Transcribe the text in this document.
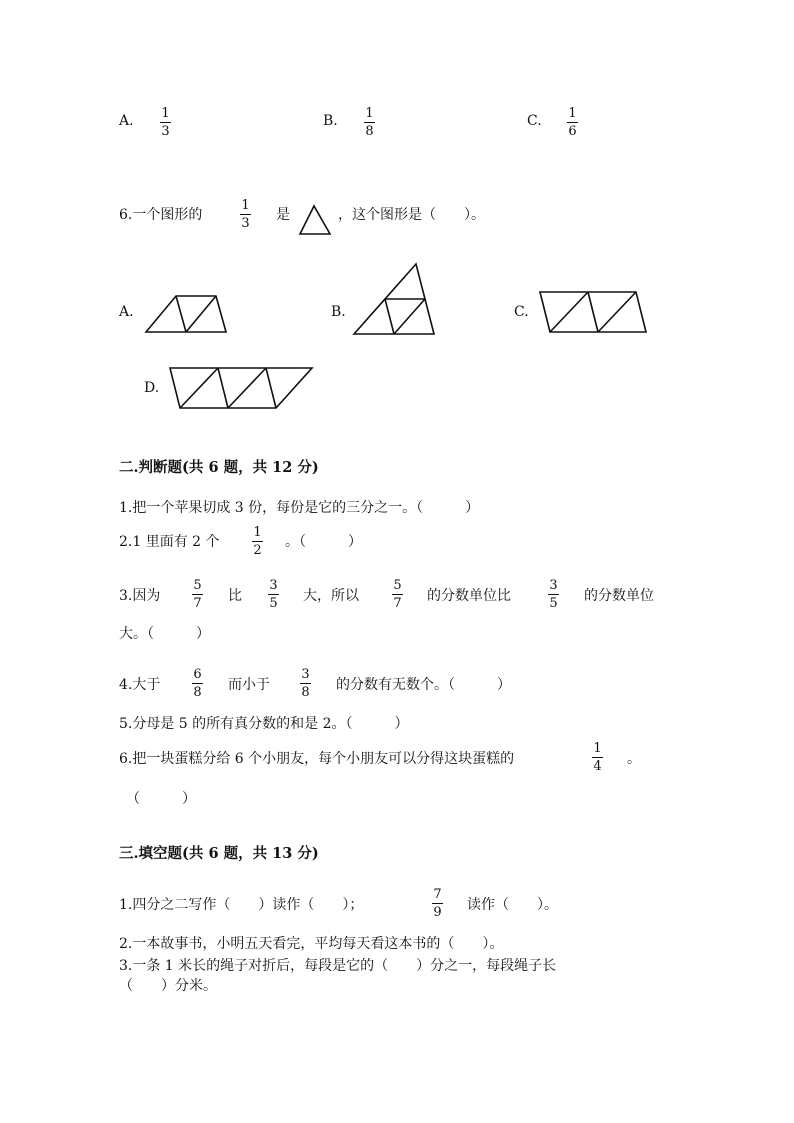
A. 1
3
B. 1
8
C. 1
6
6.一个图形的
1
3
是	，这个图形是（　　）。
A.	B.	C.
D.
二.判断题(共 6 题，共 12 分)
1.把一个苹果切成 3 份，每份是它的三分之一。（　　　）
2.1 里面有 2 个
1
2
。（　　　）
3.因为
5
7 比
3
5 大，所以
5
7 的分数单位比
3
5 的分数单位
大。（　　　）
4.大于
6
8 而小于
3
8 的分数有无数个。（　　　）
5.分母是 5 的所有真分数的和是 2。（　　　）
6.把一块蛋糕分给 6 个小朋友，每个小朋友可以分得这块蛋糕的
1
4 。
（　　　）
三.填空题(共 6 题，共 13 分)
1.四分之二写作（　　）读作（　　）；
7
9 读作（　　）。
2.一本故事书，小明五天看完，平均每天看这本书的（　　）。
3.一条 1 米长的绳子对折后，每段是它的（　　）分之一，每段绳子长
（　　）分米。
